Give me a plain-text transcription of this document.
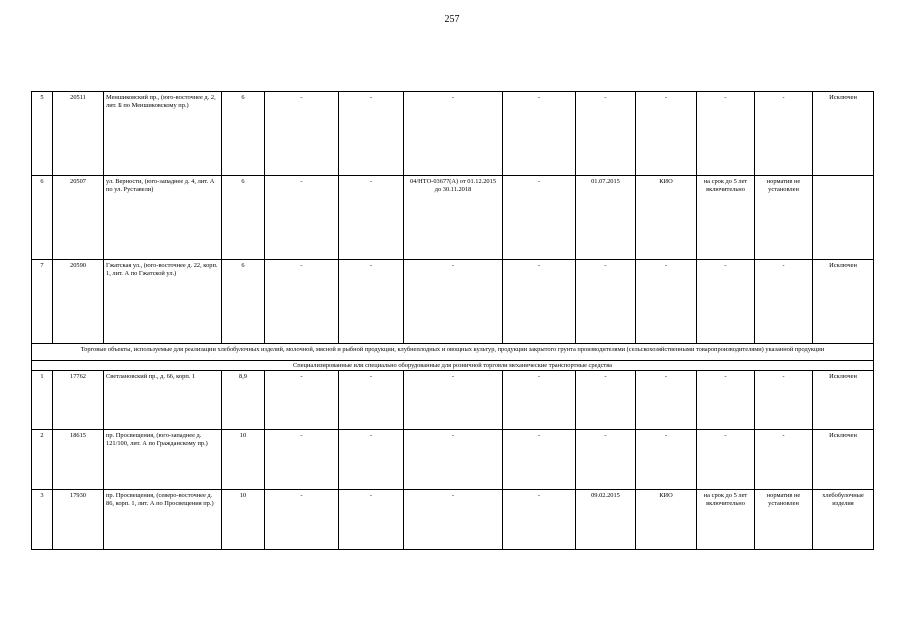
257
5	20511	Меншиковский пр., (юго-восточнее д. 2, лит. Б по Меншиковскому пр.)	6	-	-	-	-	-	-	-	-	Исключен
6	20507	ул. Верности, (юго-западнее д. 4, лит. А по ул. Руставели)	6	-	-	04/НТО-03677(А) от 01.12.2015 до 30.11.2018	-	01.07.2015	КИО	на срок до 5 лет включительно	норматив не установлен	
7	20590	Гжатская ул., (юго-восточнее д. 22, корп. 1, лит. А по Гжатской ул.)	6	-	-	-	-	-	-	-	-	Исключен
Торговые объекты, используемые для реализации хлебобулочных изделий, молочной, мясной и рыбной продукции, клубнеплодных и овощных культур, продукции закрытого грунта производителями (сельскохозяйственными товаропроизводителями) указанной продукции												
Специализированные или специально оборудованные для розничной торговли механические транспортные средства												
1	17762	Светлановский пр., д. 66, корп. 1	8,9	-	-	-	-	-	-	-	-	Исключен
2	18615	пр. Просвещения, (юго-западнее д. 121/100, лит. А по Гражданскому пр.)	10	-	-	-	-	-	-	-	-	Исключен
3	17930	пр. Просвещения, (северо-восточнее д. 86, корп. 1, лит. А по Просвещения пр.)	10	-	-	-	-	09.02.2015	КИО	на срок до 5 лет включительно	норматив не установлен	хлебобулочные изделия
